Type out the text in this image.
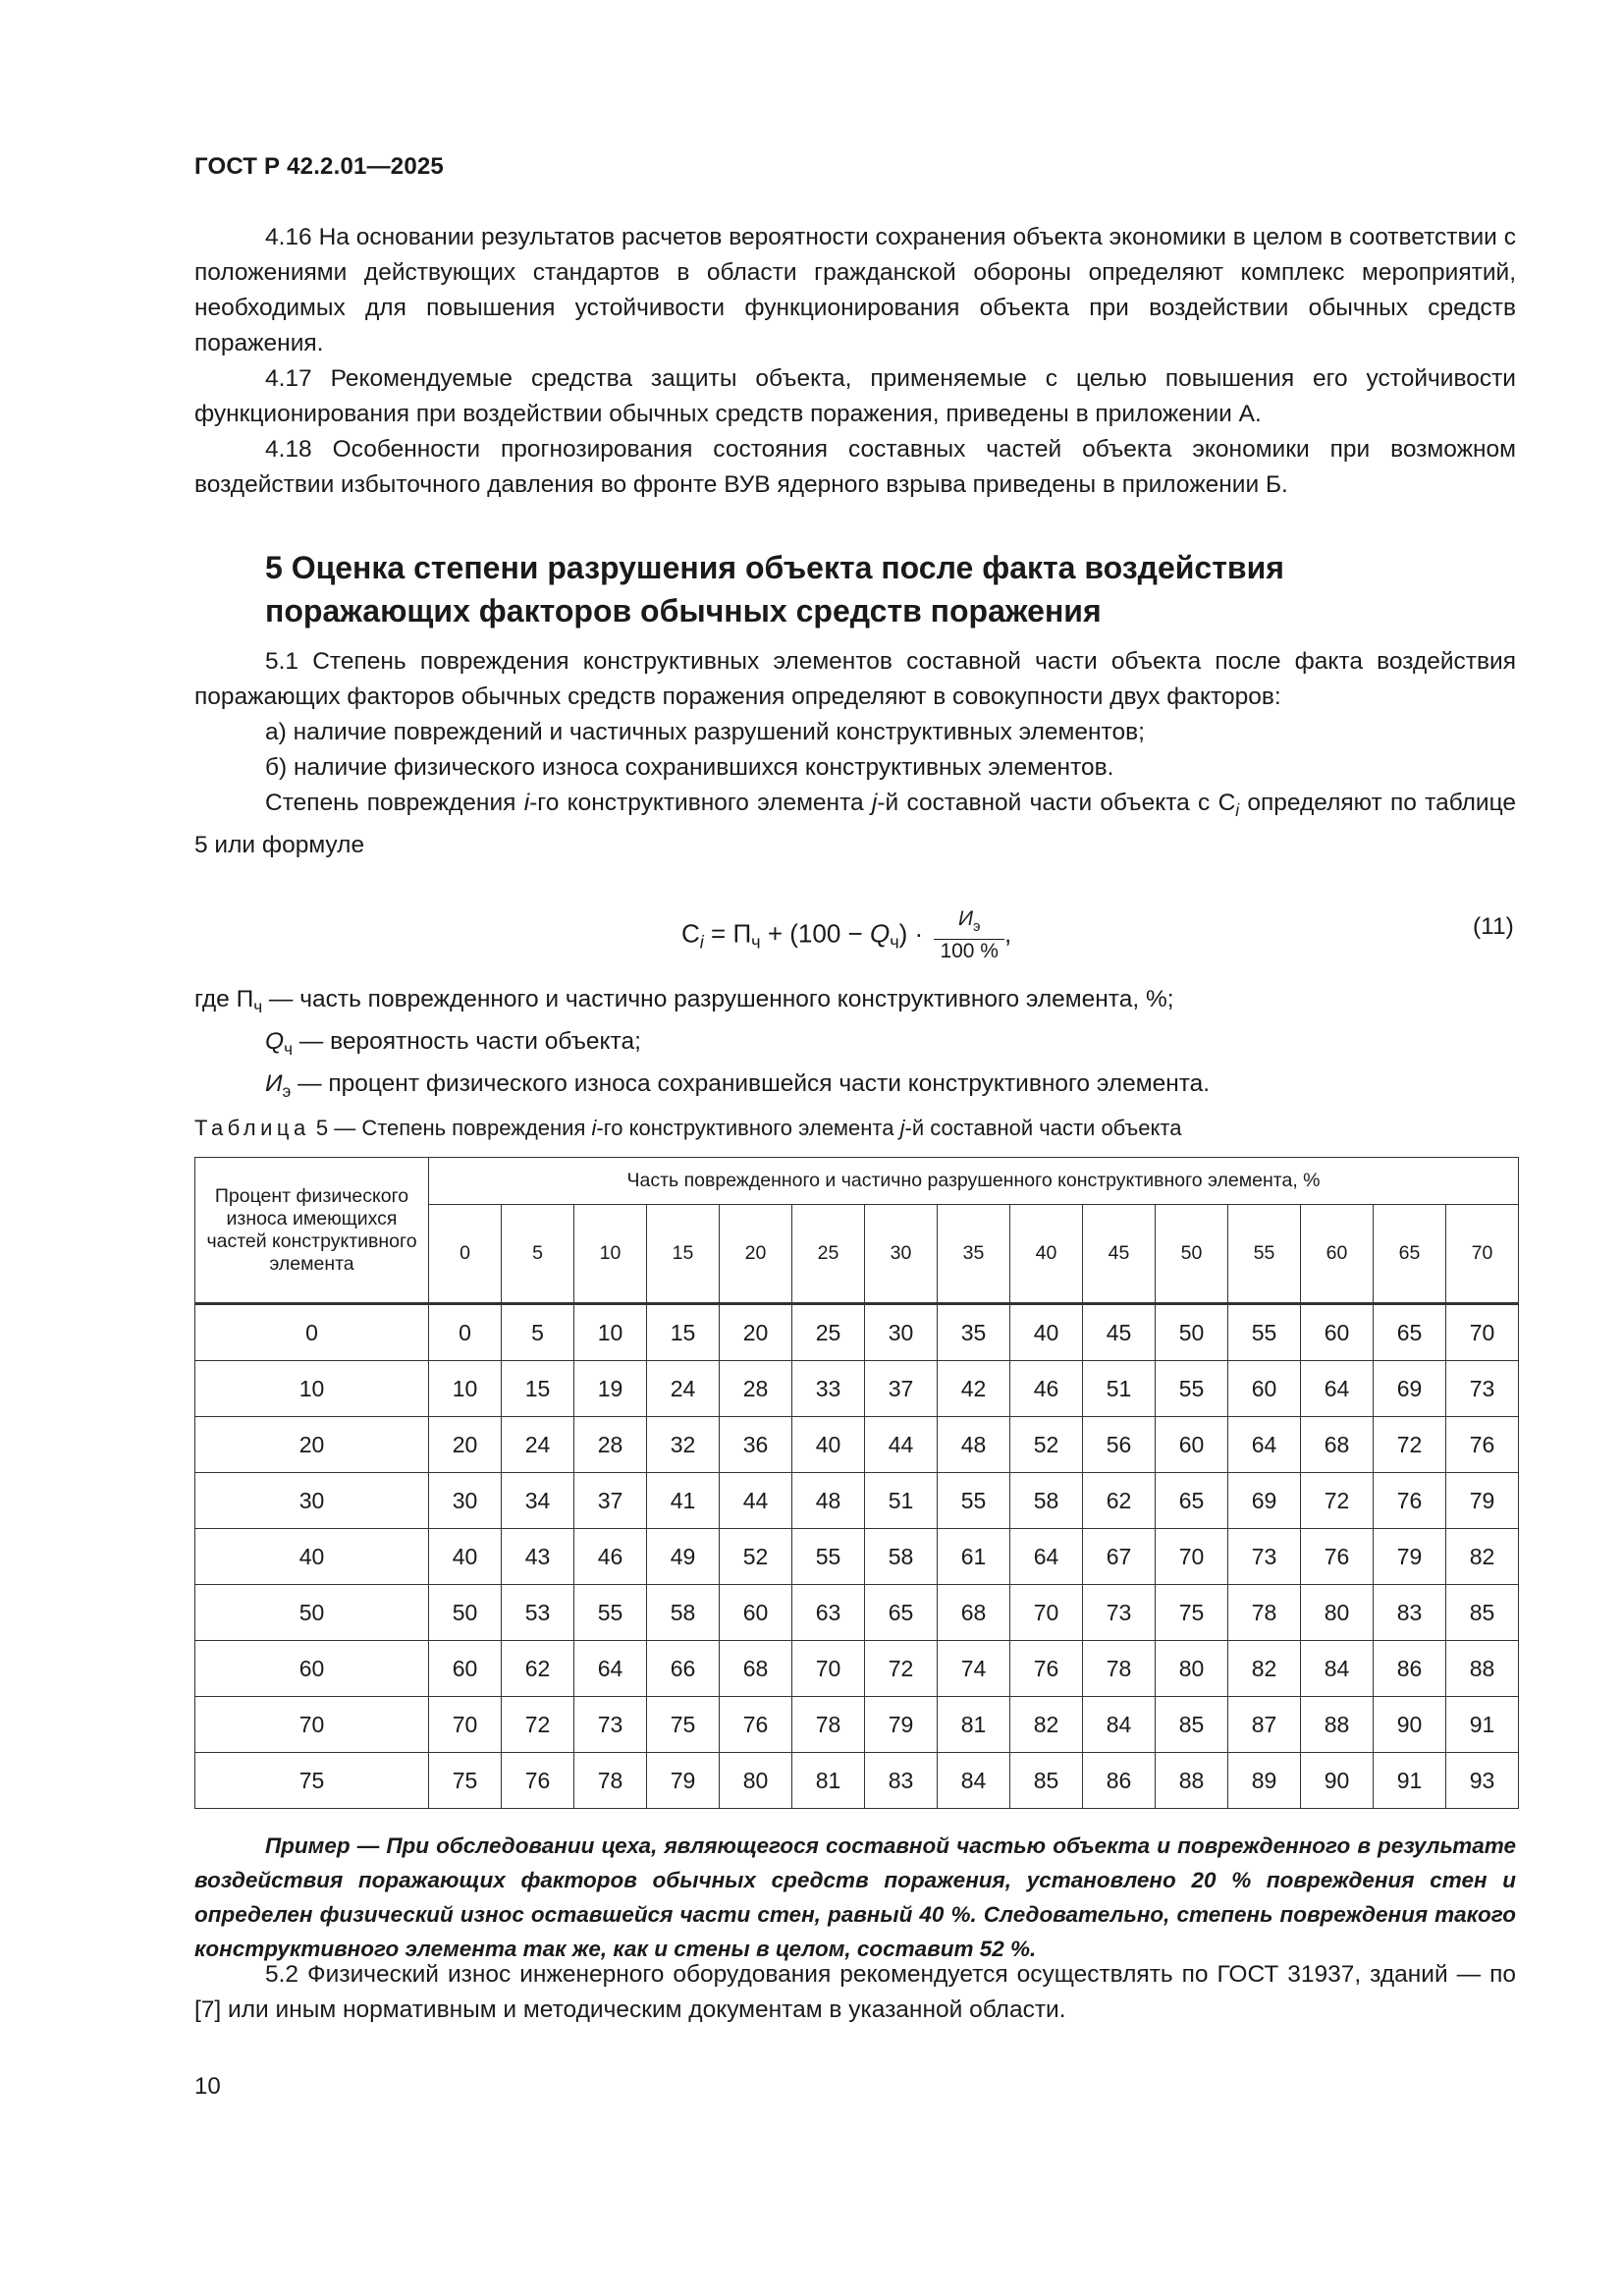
ГОСТ Р 42.2.01—2025

4.16 На основании результатов расчетов вероятности сохранения объекта экономики в целом в соответствии с положениями действующих стандартов в области гражданской обороны определяют комплекс мероприятий, необходимых для повышения устойчивости функционирования объекта при воздействии обычных средств поражения.

4.17 Рекомендуемые средства защиты объекта, применяемые с целью повышения его устойчивости функционирования при воздействии обычных средств поражения, приведены в приложении А.

4.18 Особенности прогнозирования состояния составных частей объекта экономики при возможном воздействии избыточного давления во фронте ВУВ ядерного взрыва приведены в приложении Б.

5 Оценка степени разрушения объекта после факта воздействия
поражающих факторов обычных средств поражения

5.1 Степень повреждения конструктивных элементов составной части объекта после факта воздействия поражающих факторов обычных средств поражения определяют в совокупности двух факторов:

а) наличие повреждений и частичных разрушений конструктивных элементов;

б) наличие физического износа сохранившихся конструктивных элементов.

Степень повреждения i-го конструктивного элемента j-й составной части объекта с $С_i$ определяют по таблице 5 или формуле

$С_i = П_ч + (100 - Q_ч) \cdot \frac{И_э}{100 \%}$ ,	(11)
где $П_ч$ — часть поврежденного и частично разрушенного конструктивного элемента, %;
$Q_ч$ — вероятность части объекта;
$И_э$ — процент физического износа сохранившейся части конструктивного элемента.
Таблица 5 — Степень повреждения i-го конструктивного элемента j-й составной части объекта
Процент физического износа имеющихся частей конструктивного элемента	Часть поврежденного и частично разрушенного конструктивного элемента, %														
	0	5	10	15	20	25	30	35	40	45	50	55	60	65	70
0	0	5	10	15	20	25	30	35	40	45	50	55	60	65	70
10	10	15	19	24	28	33	37	42	46	51	55	60	64	69	73
20	20	24	28	32	36	40	44	48	52	56	60	64	68	72	76
30	30	34	37	41	44	48	51	55	58	62	65	69	72	76	79
40	40	43	46	49	52	55	58	61	64	67	70	73	76	79	82
50	50	53	55	58	60	63	65	68	70	73	75	78	80	83	85
60	60	62	64	66	68	70	72	74	76	78	80	82	84	86	88
70	70	72	73	75	76	78	79	81	82	84	85	87	88	90	91
75	75	76	78	79	80	81	83	84	85	86	88	89	90	91	93

Пример — При обследовании цеха, являющегося составной частью объекта и поврежденного в результате воздействия поражающих факторов обычных средств поражения, установлено 20 % повреждения стен и определен физический износ оставшейся части стен, равный 40 %. Следовательно, степень повреждения такого конструктивного элемента так же, как и стены в целом, составит 52 %.

5.2 Физический износ инженерного оборудования рекомендуется осуществлять по ГОСТ 31937, зданий — по [7] или иным нормативным и методическим документам в указанной области.

10
